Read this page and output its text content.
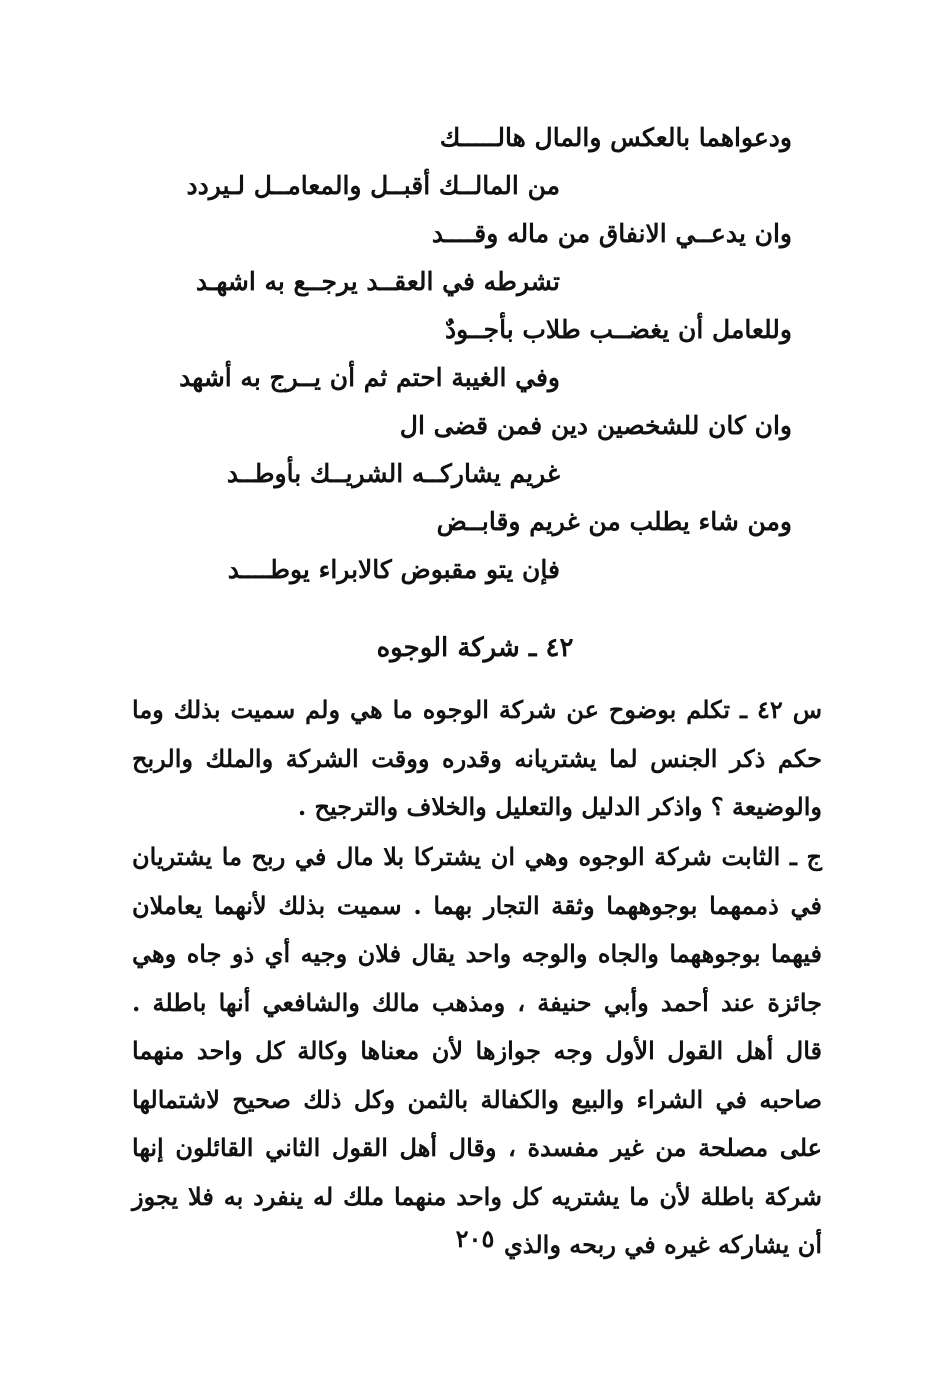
ودعواهما بالعكس والمال هالـــــك
من المالــك أقبــل والمعامــل لـيردد
وان يدعــي الانفاق من ماله وقــــد
تشرطه في العقــد يرجــع به اشهـد
وللعامل أن يغضــب طلاب بأجــودٌ
وفي الغيبة احتم ثم أن يــرج به أشهد
وان كان للشخصين دين فمن قضى ال
غريم يشاركــه الشريــك بأوطــد
ومن شاء يطلب من غريم وقابــض
فإن يتو مقبوض كالابراء يوطــــد
٤٢ ـ شركة الوجوه

س ٤٢ ـ تكلم بوضوح عن شركة الوجوه ما هي ولم سميت بذلك وما حكم ذكر الجنس لما يشتريانه وقدره ووقت الشركة والملك والربح والوضيعة ؟ واذكر الدليل والتعليل والخلاف والترجيح .

ج ـ الثابت شركة الوجوه وهي ان يشتركا بلا مال في ربح ما يشتريان في ذممهما بوجوههما وثقة التجار بهما . سميت بذلك لأنهما يعاملان فيهما بوجوههما والجاه والوجه واحد يقال فلان وجيه أي ذو جاه وهي جائزة عند أحمد وأبي حنيفة ، ومذهب مالك والشافعي أنها باطلة . قال أهل القول الأول وجه جوازها لأن معناها وكالة كل واحد منهما صاحبه في الشراء والبيع والكفالة بالثمن وكل ذلك صحيح لاشتمالها على مصلحة من غير مفسدة ، وقال أهل القول الثاني القائلون إنها شركة باطلة لأن ما يشتريه كل واحد منهما ملك له ينفرد به فلا يجوز أن يشاركه غيره في ربحه والذي

٢٠٥
